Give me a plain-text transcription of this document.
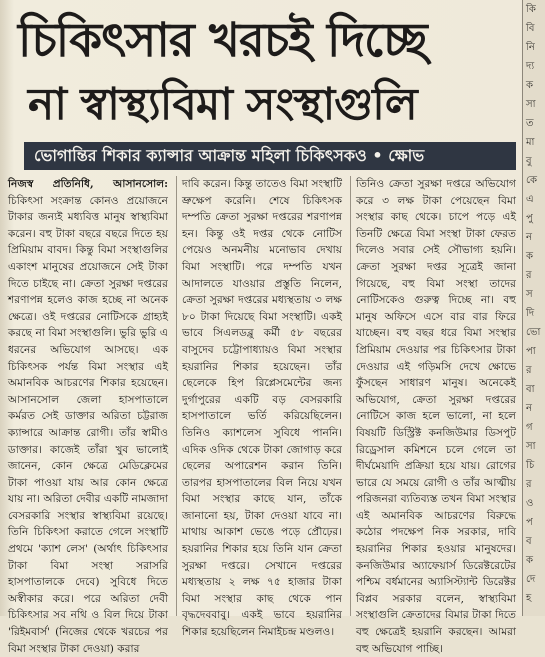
চিকিৎসার খরচই দিচ্ছে
না স্বাস্থ্যবিমা সংস্থাগুলি
ভোগান্তির শিকার ক্যান্সার আক্রান্ত মহিলা চিকিৎসকও • ক্ষোভ

নিজস্ব প্রতিনিধি, আসানসোল: চিকিৎসা সংক্রান্ত কোনও প্রয়োজনে টাকার জন্যই মধ্যবিত্ত মানুষ স্বাস্থ্যবিমা করেন। বহু টাকা বছরে বছরে দিতে হয় প্রিমিয়াম বাবদ। কিন্তু বিমা সংস্থাগুলির একাংশ মানুষের প্রয়োজনে সেই টাকা দিতে চাইছে না। ক্রেতা সুরক্ষা দপ্তরের শরণাপন্ন হলেও কাজ হচ্ছে না অনেক ক্ষেত্রে। ওই দপ্তরের নোটিসকে গ্রাহ্যই করছে না বিমা সংস্থাগুলি। ভুরি ভুরি এ ধরনের অভিযোগ আসছে। এক চিকিৎসক পর্যন্ত বিমা সংস্থার এই অমানবিক আচরণের শিকার হয়েছেন। আসানসোল জেলা হাসপাতালে কর্মরত সেই ডাক্তার অরিতা চট্টরাজ ক্যান্সারে আক্রান্ত রোগী। তাঁর স্বামীও ডাক্তার। কাজেই তাঁরা খুব ভালোই জানেন, কোন ক্ষেত্রে মেডিক্লেমের টাকা পাওয়া যায় আর কোন ক্ষেত্রে যায় না। অরিতা দেবীর একটি নামজাদা বেসরকারি সংস্থার স্বাস্থ্যবিমা রয়েছে। তিনি চিকিৎসা করাতে গেলে সংস্থাটি প্রথমে 'ক্যাশ লেস' (অর্থাৎ চিকিৎসার টাকা বিমা সংস্থা সরাসরি হাসপাতালকে দেবে) সুবিধে দিতে অস্বীকার করে। পরে অরিতা দেবী চিকিৎসার সব নথি ও বিল দিয়ে টাকা 'রিইমবার্স' (নিজের থেকে খরচের পর বিমা সংস্থার টাকা দেওয়া) করার

দাবি করেন। কিন্তু তাতেও বিমা সংস্থাটি ভ্রুক্ষেপ করেনি। শেষে চিকিৎসক দম্পতি ক্রেতা সুরক্ষা দপ্তরের শরণাপন্ন হন। কিন্তু ওই দপ্তর থেকে নোটিস পেয়েও অনমনীয় মনোভাব দেখায় বিমা সংস্থাটি। পরে দম্পতি যখন আদালতে যাওয়ার প্রস্তুতি নিলেন, ক্রেতা সুরক্ষা দপ্তরের মধ্যস্থতায় ৩ লক্ষ ৮০ টাকা দিয়েছে বিমা সংস্থাটি। একই ভাবে সিএলডব্লু কর্মী ৫৮ বছরের বাসুদেব চট্টোপাধ্যায়ও বিমা সংস্থার হয়রানির শিকার হয়েছেন। তাঁর ছেলেকে হিপ রিপ্লেসমেন্টের জন্য দুর্গাপুরের একটি বড় বেসরকারি হাসপাতালে ভর্তি করিয়েছিলেন। তিনিও ক্যাশলেস সুবিধে পাননি। এদিক ওদিক থেকে টাকা জোগাড় করে ছেলের অপারেশন করান তিনি। তারপর হাসপাতালের বিল নিয়ে যখন বিমা সংস্থার কাছে যান, তাঁকে জানানো হয়, টাকা দেওয়া যাবে না। মাথায় আকাশ ভেঙে পড়ে প্রৌঢ়ের। হয়রানির শিকার হয়ে তিনি যান ক্রেতা সুরক্ষা দপ্তরে। সেখানে দপ্তরের মধ্যস্থতায় ২ লক্ষ ৭৫ হাজার টাকা বিমা সংস্থার কাছ থেকে পান বৃদ্ধদেববাবু। একই ভাবে হয়রানির শিকার হয়েছিলেন নিমাইচন্দ্র মণ্ডলও।

তিনিও ক্রেতা সুরক্ষা দপ্তরে অভিযোগ করে ৩ লক্ষ টাকা পেয়েছেন বিমা সংস্থার কাছ থেকে। চাপে পড়ে এই তিনটি ক্ষেত্রে বিমা সংস্থা টাকা ফেরত দিলেও সবার সেই সৌভাগ্য হয়নি। ক্রেতা সুরক্ষা দপ্তর সূত্রেই জানা গিয়েছে, বহু বিমা সংস্থা তাদের নোটিসকেও গুরুত্ব দিচ্ছে না। বহু মানুষ অফিসে এসে বার বার ফিরে যাচ্ছেন। বহু বছর ধরে বিমা সংস্থার প্রিমিয়াম দেওয়ার পর চিকিৎসার টাকা দেওয়ার এই গড়িমসি দেখে ক্ষোভে ফুঁসছেন সাধারণ মানুষ। অনেকেই অভিযোগ, ক্রেতা সুরক্ষা দপ্তরের নোটিসে কাজ হলে ভালো, না হলে বিষয়টি ডিস্ট্রিক্ট কনজিউমার ডিসপুট রিড্রেসাল কমিশনে চলে গেলে তা দীর্ঘমেয়াদি প্রক্রিয়া হয়ে যায়। রোগের ভারে যে সময়ে রোগী ও তাঁর আত্মীয় পরিজনরা ব্যতিব্যস্ত তখন বিমা সংস্থার এই অমানবিক আচরণের বিরুদ্ধে কঠোর পদক্ষেপ নিক সরকার, দাবি হয়রানির শিকার হওয়ার মানুষদের। কনজিউমার অ্যাফেয়ার্স ডিরেক্টরেটের পশ্চিম বর্ধমানের অ্যাসিস্ট্যান্ট ডিরেক্টর বিপ্লব সরকার বলেন, স্বাস্থ্যবিমা সংস্থাগুলি ক্রেতাদের বিমার টাকা দিতে বহু ক্ষেত্রেই হয়রানি করছেন। আমরা বহু অভিযোগ পাচ্ছি।

কি
বি
নি
দ্য
ক
সা
ত
মা
বু
কে
এ
পু
ন
ক
র
স
দি
ভো
পা
র
বা
ন
গ
সা
চি
র
ও
প
ব
ক
দে
হ
